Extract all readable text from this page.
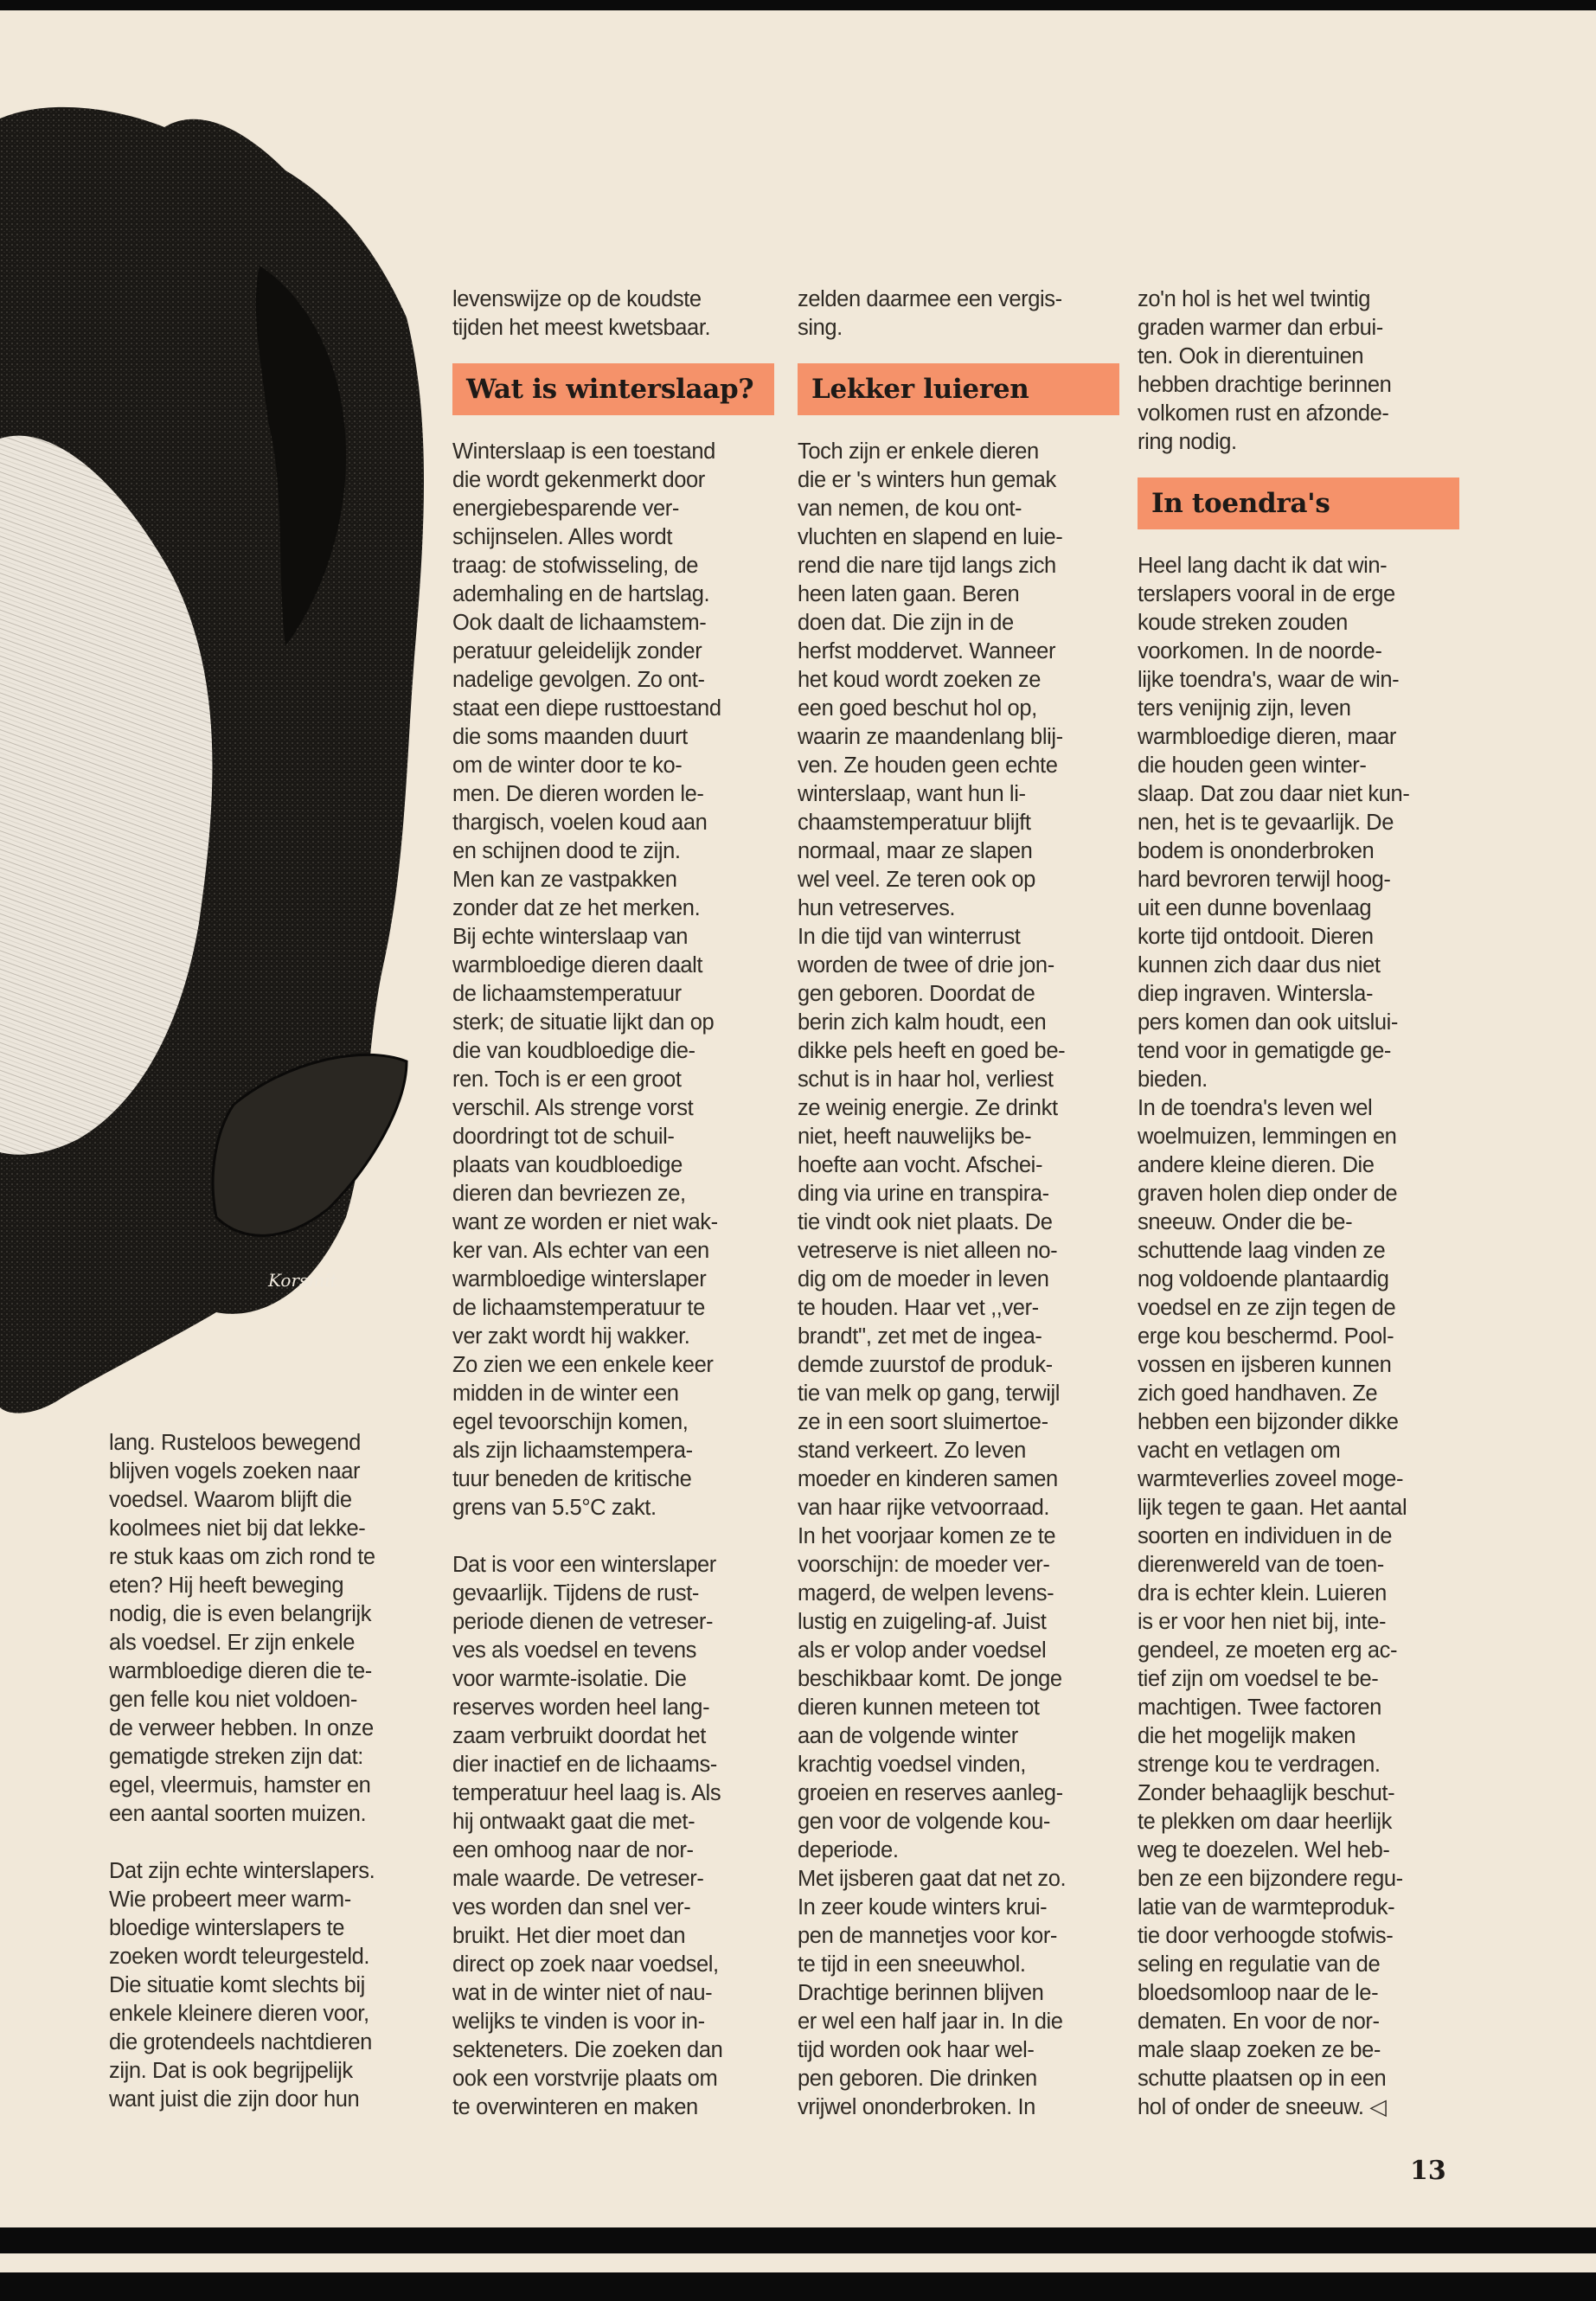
Korsmit

lang. Rusteloos bewegend
blijven vogels zoeken naar
voedsel. Waarom blijft die
koolmees niet bij dat lekke-
re stuk kaas om zich rond te
eten? Hij heeft beweging
nodig, die is even belangrijk
als voedsel. Er zijn enkele
warmbloedige dieren die te-
gen felle kou niet voldoen-
de verweer hebben. In onze
gematigde streken zijn dat:
egel, vleermuis, hamster en
een aantal soorten muizen.

Dat zijn echte winterslapers.
Wie probeert meer warm-
bloedige winterslapers te
zoeken wordt teleurgesteld.
Die situatie komt slechts bij
enkele kleinere dieren voor,
die grotendeels nachtdieren
zijn. Dat is ook begrijpelijk
want juist die zijn door hun

levenswijze op de koudste
tijden het meest kwetsbaar.

Wat is winterslaap?

Winterslaap is een toestand
die wordt gekenmerkt door
energiebesparende ver-
schijnselen. Alles wordt
traag: de stofwisseling, de
ademhaling en de hartslag.
Ook daalt de lichaamstem-
peratuur geleidelijk zonder
nadelige gevolgen. Zo ont-
staat een diepe rusttoestand
die soms maanden duurt
om de winter door te ko-
men. De dieren worden le-
thargisch, voelen koud aan
en schijnen dood te zijn.
Men kan ze vastpakken
zonder dat ze het merken.
Bij echte winterslaap van
warmbloedige dieren daalt
de lichaamstemperatuur
sterk; de situatie lijkt dan op
die van koudbloedige die-
ren. Toch is er een groot
verschil. Als strenge vorst
doordringt tot de schuil-
plaats van koudbloedige
dieren dan bevriezen ze,
want ze worden er niet wak-
ker van. Als echter van een
warmbloedige winterslaper
de lichaamstemperatuur te
ver zakt wordt hij wakker.
Zo zien we een enkele keer
midden in de winter een
egel tevoorschijn komen,
als zijn lichaamstempera-
tuur beneden de kritische
grens van 5.5°C zakt.

Dat is voor een winterslaper
gevaarlijk. Tijdens de rust-
periode dienen de vetreser-
ves als voedsel en tevens
voor warmte-isolatie. Die
reserves worden heel lang-
zaam verbruikt doordat het
dier inactief en de lichaams-
temperatuur heel laag is. Als
hij ontwaakt gaat die met-
een omhoog naar de nor-
male waarde. De vetreser-
ves worden dan snel ver-
bruikt. Het dier moet dan
direct op zoek naar voedsel,
wat in de winter niet of nau-
welijks te vinden is voor in-
sekteneters. Die zoeken dan
ook een vorstvrije plaats om
te overwinteren en maken

zelden daarmee een vergis-
sing.

Lekker luieren

Toch zijn er enkele dieren
die er 's winters hun gemak
van nemen, de kou ont-
vluchten en slapend en luie-
rend die nare tijd langs zich
heen laten gaan. Beren
doen dat. Die zijn in de
herfst moddervet. Wanneer
het koud wordt zoeken ze
een goed beschut hol op,
waarin ze maandenlang blij-
ven. Ze houden geen echte
winterslaap, want hun li-
chaamstemperatuur blijft
normaal, maar ze slapen
wel veel. Ze teren ook op
hun vetreserves.

In die tijd van winterrust
worden de twee of drie jon-
gen geboren. Doordat de
berin zich kalm houdt, een
dikke pels heeft en goed be-
schut is in haar hol, verliest
ze weinig energie. Ze drinkt
niet, heeft nauwelijks be-
hoefte aan vocht. Afschei-
ding via urine en transpira-
tie vindt ook niet plaats. De
vetreserve is niet alleen no-
dig om de moeder in leven
te houden. Haar vet ,,ver-
brandt'', zet met de ingea-
demde zuurstof de produk-
tie van melk op gang, terwijl
ze in een soort sluimertoe-
stand verkeert. Zo leven
moeder en kinderen samen
van haar rijke vetvoorraad.
In het voorjaar komen ze te
voorschijn: de moeder ver-
magerd, de welpen levens-
lustig en zuigeling-af. Juist
als er volop ander voedsel
beschikbaar komt. De jonge
dieren kunnen meteen tot
aan de volgende winter
krachtig voedsel vinden,
groeien en reserves aanleg-
gen voor de volgende kou-
deperiode.

Met ijsberen gaat dat net zo.
In zeer koude winters krui-
pen de mannetjes voor kor-
te tijd in een sneeuwhol.
Drachtige berinnen blijven
er wel een half jaar in. In die
tijd worden ook haar wel-
pen geboren. Die drinken
vrijwel ononderbroken. In

zo'n hol is het wel twintig
graden warmer dan erbui-
ten. Ook in dierentuinen
hebben drachtige berinnen
volkomen rust en afzonde-
ring nodig.

In toendra's

Heel lang dacht ik dat win-
terslapers vooral in de erge
koude streken zouden
voorkomen. In de noorde-
lijke toendra's, waar de win-
ters venijnig zijn, leven
warmbloedige dieren, maar
die houden geen winter-
slaap. Dat zou daar niet kun-
nen, het is te gevaarlijk. De
bodem is ononderbroken
hard bevroren terwijl hoog-
uit een dunne bovenlaag
korte tijd ontdooit. Dieren
kunnen zich daar dus niet
diep ingraven. Wintersla-
pers komen dan ook uitslui-
tend voor in gematigde ge-
bieden.

In de toendra's leven wel
woelmuizen, lemmingen en
andere kleine dieren. Die
graven holen diep onder de
sneeuw. Onder die be-
schuttende laag vinden ze
nog voldoende plantaardig
voedsel en ze zijn tegen de
erge kou beschermd. Pool-
vossen en ijsberen kunnen
zich goed handhaven. Ze
hebben een bijzonder dikke
vacht en vetlagen om
warmteverlies zoveel moge-
lijk tegen te gaan. Het aantal
soorten en individuen in de
dierenwereld van de toen-
dra is echter klein. Luieren
is er voor hen niet bij, inte-
gendeel, ze moeten erg ac-
tief zijn om voedsel te be-
machtigen. Twee factoren
die het mogelijk maken
strenge kou te verdragen.
Zonder behaaglijk beschut-
te plekken om daar heerlijk
weg te doezelen. Wel heb-
ben ze een bijzondere regu-
latie van de warmteproduk-
tie door verhoogde stofwis-
seling en regulatie van de
bloedsomloop naar de le-
dematen. En voor de nor-
male slaap zoeken ze be-
schutte plaatsen op in een
hol of onder de sneeuw. ◁

13
